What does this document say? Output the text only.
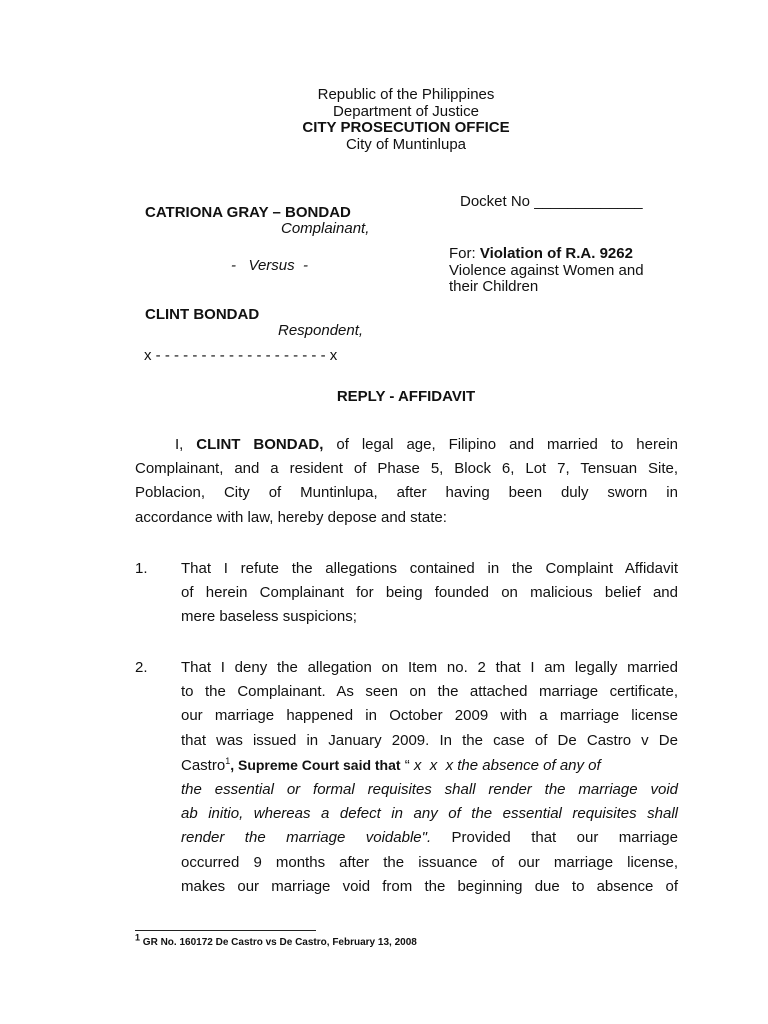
Republic of the Philippines
Department of Justice
CITY PROSECUTION OFFICE
City of Muntinlupa
CATRIONA GRAY – BONDAD
Complainant,
-   Versus  -
CLINT BONDAD
Respondent,
x - - - - - - - - - - - - - - - - - - - x
Docket No _____________
For: Violation of R.A. 9262
Violence against Women and
their Children
REPLY - AFFIDAVIT
I, CLINT BONDAD, of legal age, Filipino and married to herein
Complainant, and a resident of Phase 5, Block 6, Lot 7, Tensuan Site,
Poblacion, City of Muntinlupa, after having been duly sworn in
accordance with law, hereby depose and state:
1. That I refute the allegations contained in the Complaint Affidavit
of herein Complainant for being founded on malicious belief and
mere baseless suspicions;
2. That I deny the allegation on Item no. 2 that I am legally married
to the Complainant. As seen on the attached marriage certificate,
our marriage happened in October 2009 with a marriage license
that was issued in January 2009. In the case of De Castro v De
Castro$^1$, Supreme Court said that “ x  x  x the absence of any of
the essential or formal requisites shall render the marriage void
ab initio, whereas a defect in any of the essential requisites shall
render the marriage voidable". Provided that our marriage
occurred 9 months after the issuance of our marriage license,
makes our marriage void from the beginning due to absence of
$^1$ GR No. 160172 De Castro vs De Castro, February 13, 2008
